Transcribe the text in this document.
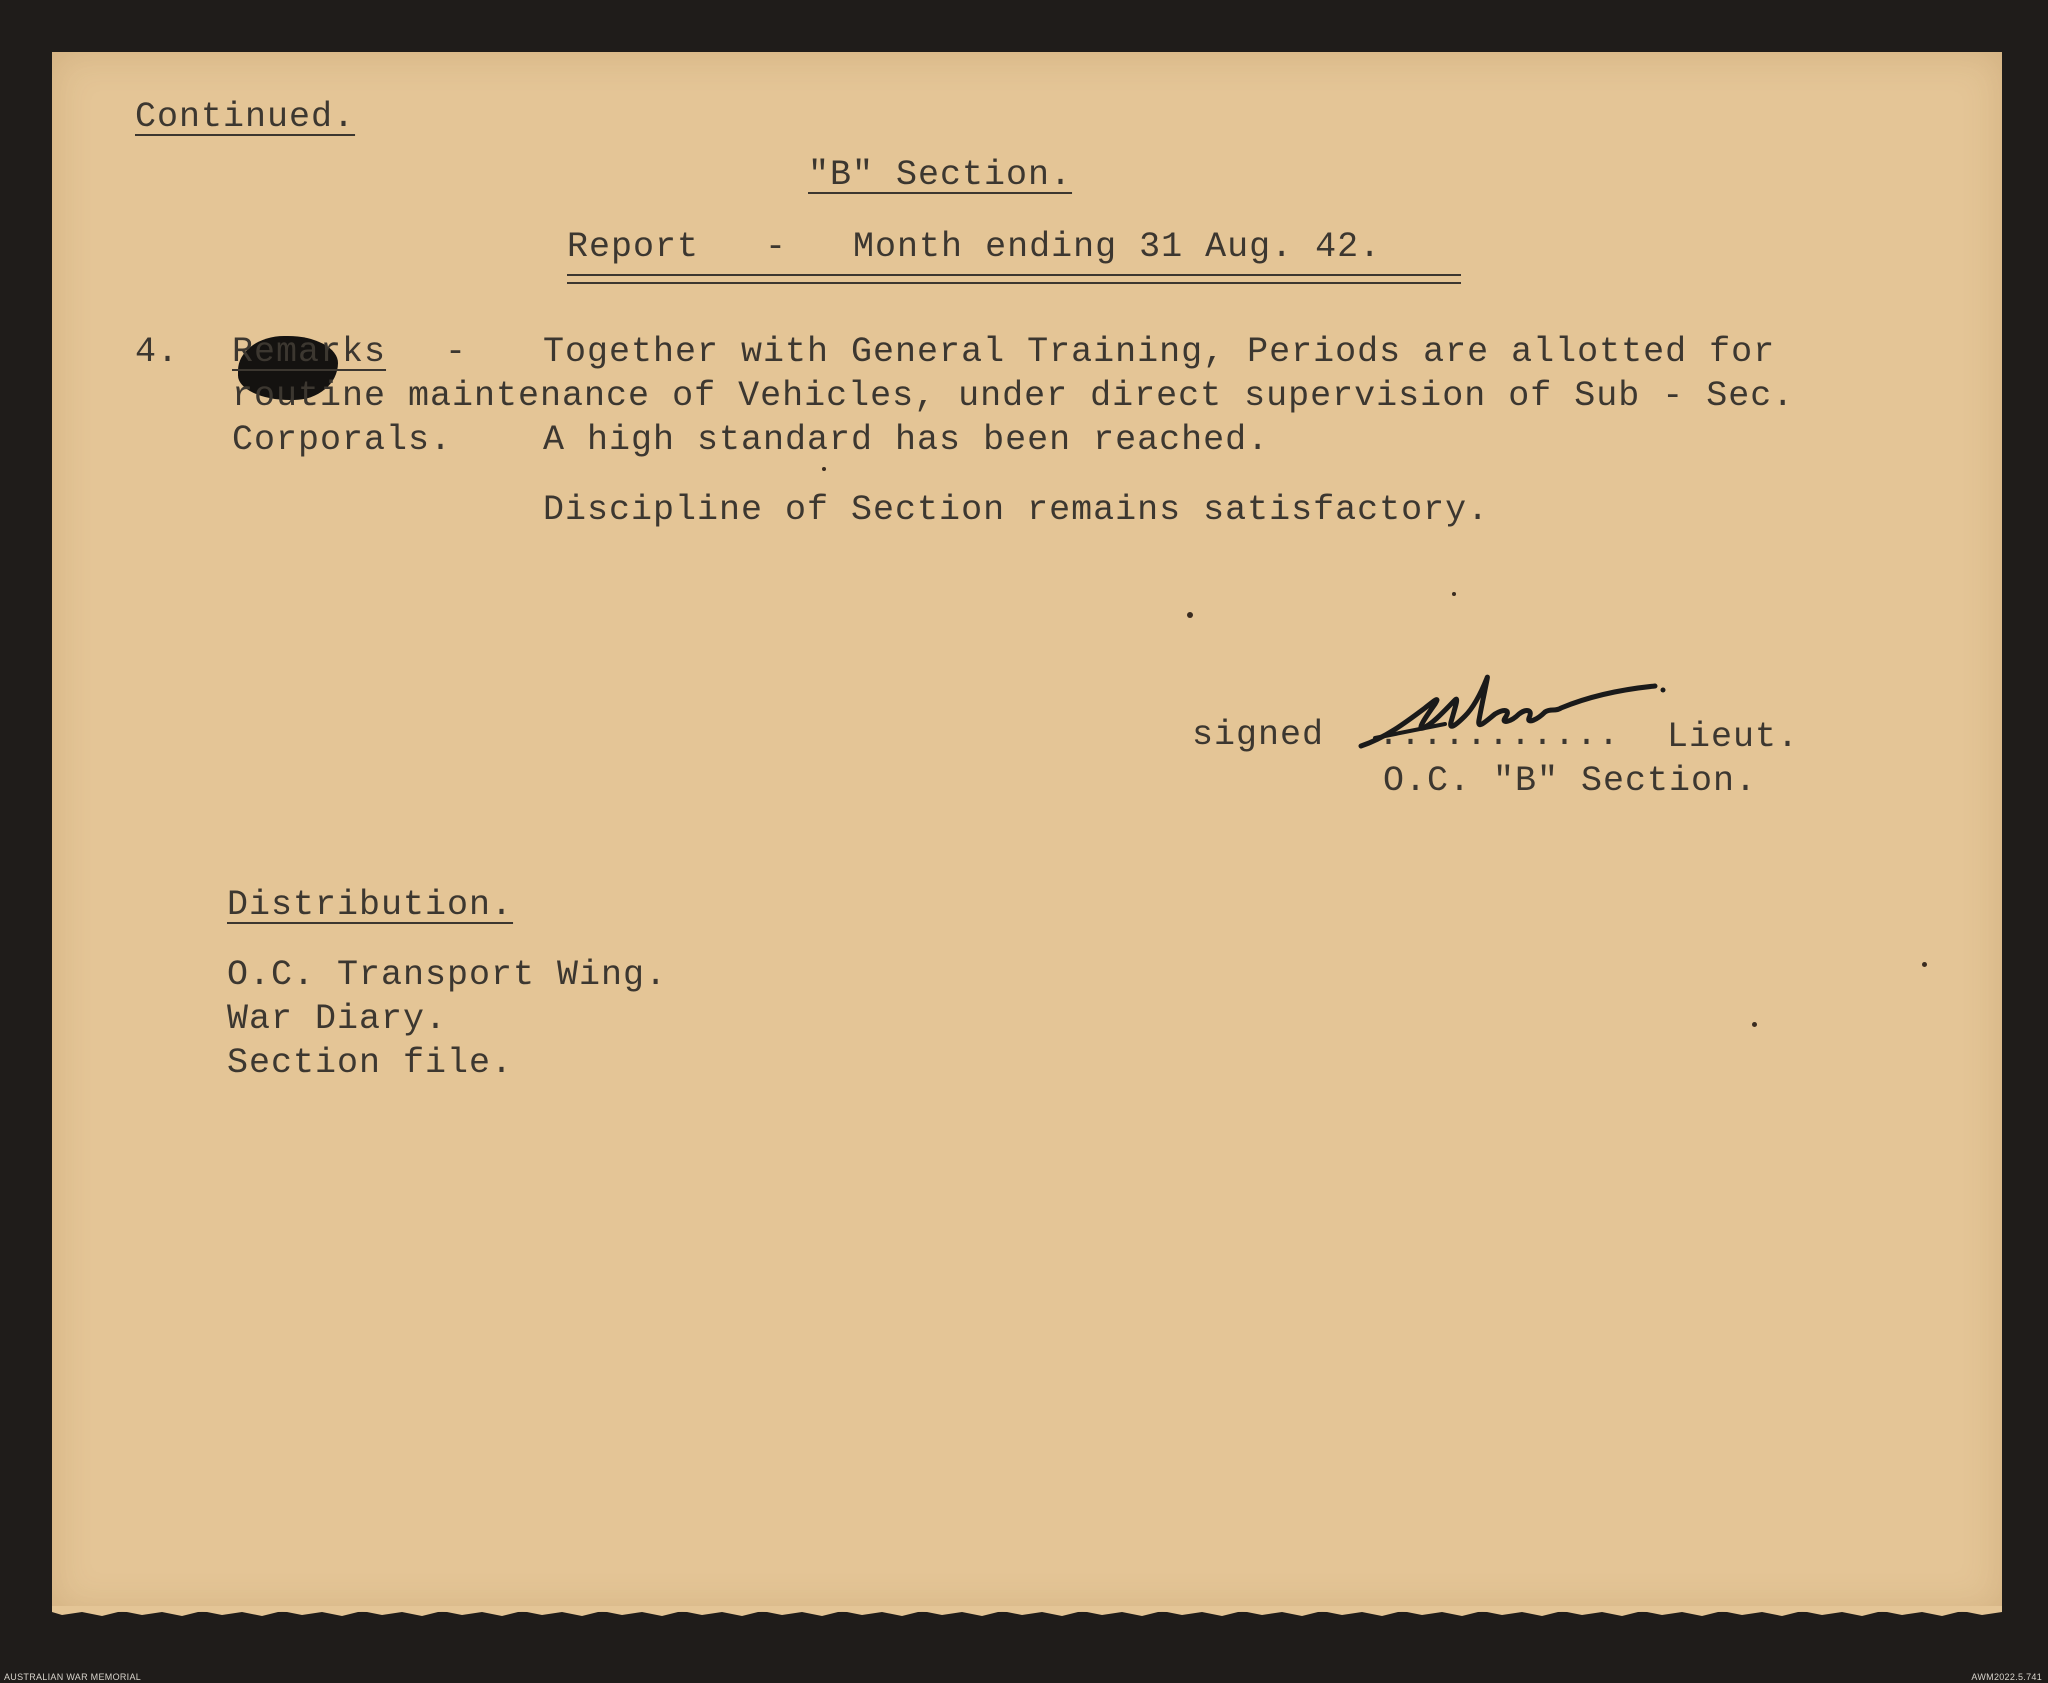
Continued.
"B" Section.
Report   -   Month ending 31 Aug. 42.
4. Remarks - Together with General Training, Periods are allotted for
routine maintenance of Vehicles, under direct supervision of Sub - Sec.
Corporals.	A high standard has been reached.
Discipline of Section remains satisfactory.
signed ........... Lieut.
O.C. "B" Section.
Distribution.
O.C. Transport Wing.
War Diary.
Section file.
AUSTRALIAN WAR MEMORIAL	AWM2022.5.741
